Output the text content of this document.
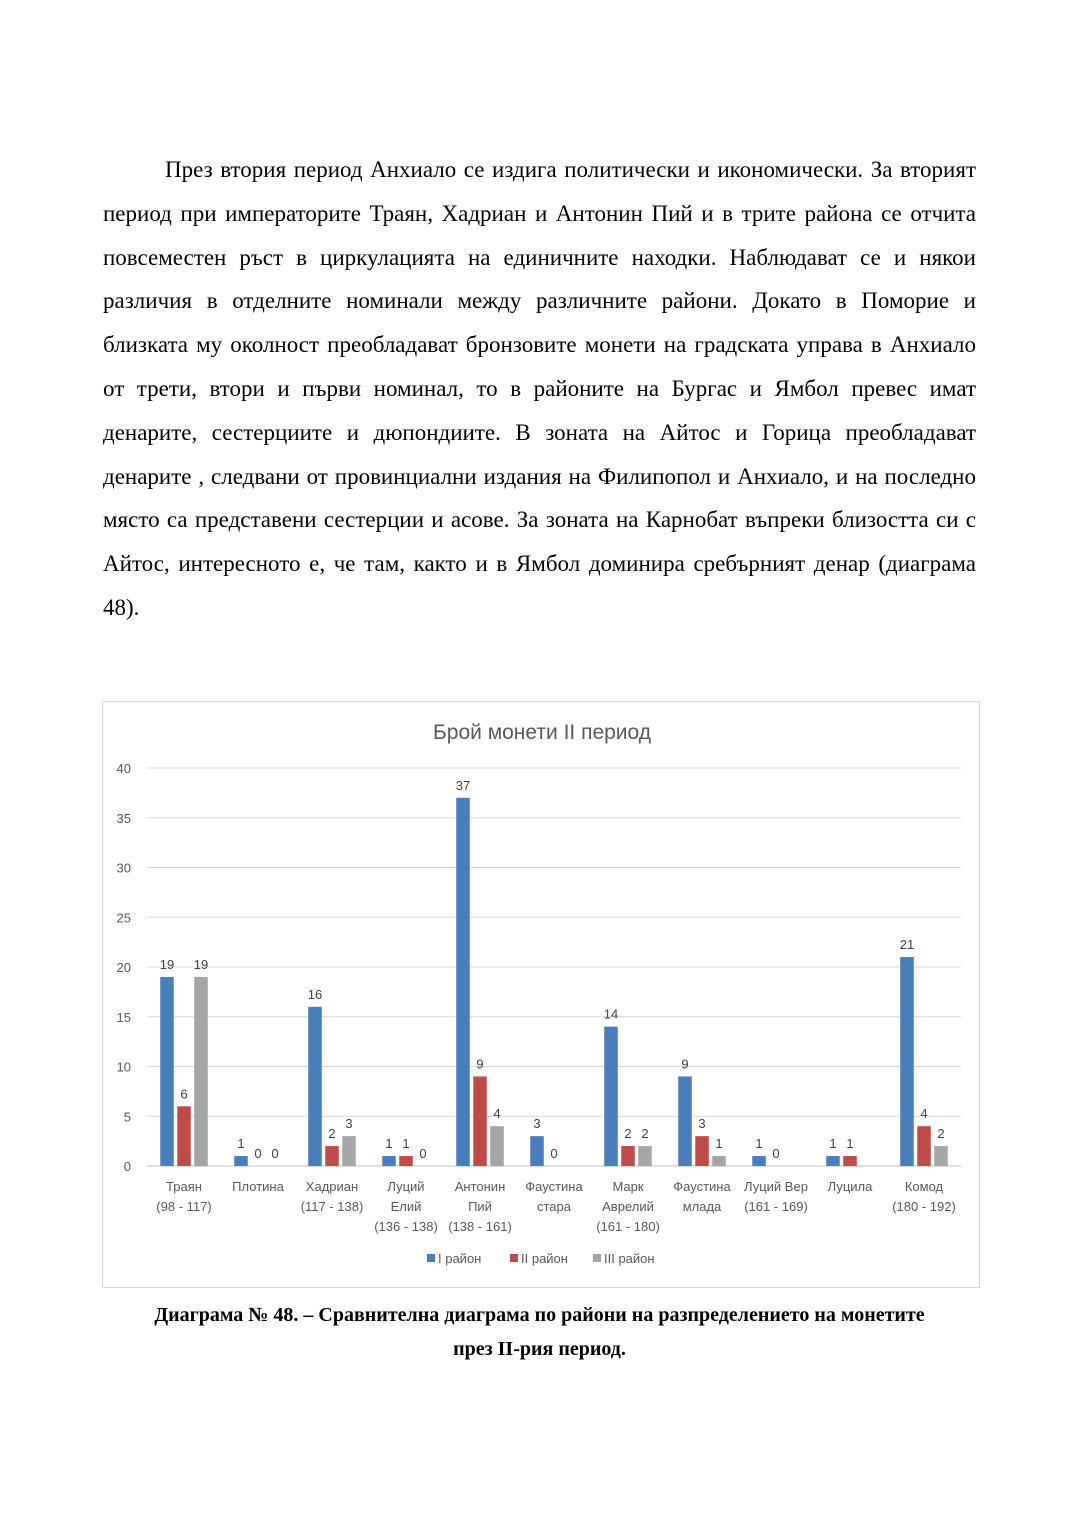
През втория период Анхиало се издига политически и икономически. За вторият период при императорите Траян, Хадриан и Антонин Пий и в трите района се отчита повсеместен ръст в циркулацията на единичните находки. Наблюдават се и някои различия в отделните номинали между различните райони. Докато в Поморие и близката му околност преобладават бронзовите монети на градската управа в Анхиало от трети, втори и първи номинал, то в районите на Бургас и Ямбол превес имат денарите, сестерциите и дюпондиите. В зоната на Айтос и Горица преобладават денарите , следвани от провинциални издания на Филипопол и Анхиало, и на последно място са представени сестерции и асове. За зоната на Карнобат въпреки близостта си с Айтос, интересното е, че там, както и в Ямбол доминира сребърният денар (диаграма 48).

Брой монети II период
0
5
10
15
20
25
30
35
40
19
6
19
Траян
(98 - 117)
1
0 0
Плотина
16
2
3
Хадриан
(117 - 138)
1 1
0
Луций
Елий
(136 - 138)
37
9
4
Антонин
Пий
(138 - 161)
3
0
Фаустина
стара
14
2 2
Марк
Аврелий
(161 - 180)
9
3
1
Фаустина
млада
1
0
Луций Вер
(161 - 169)
1 1
Луцила
21
4
2
Комод
(180 - 192)
I район	II район	III район
Диаграма № 48. – Сравнителна диаграма по райони на разпределението на монетите
през II-рия период.
